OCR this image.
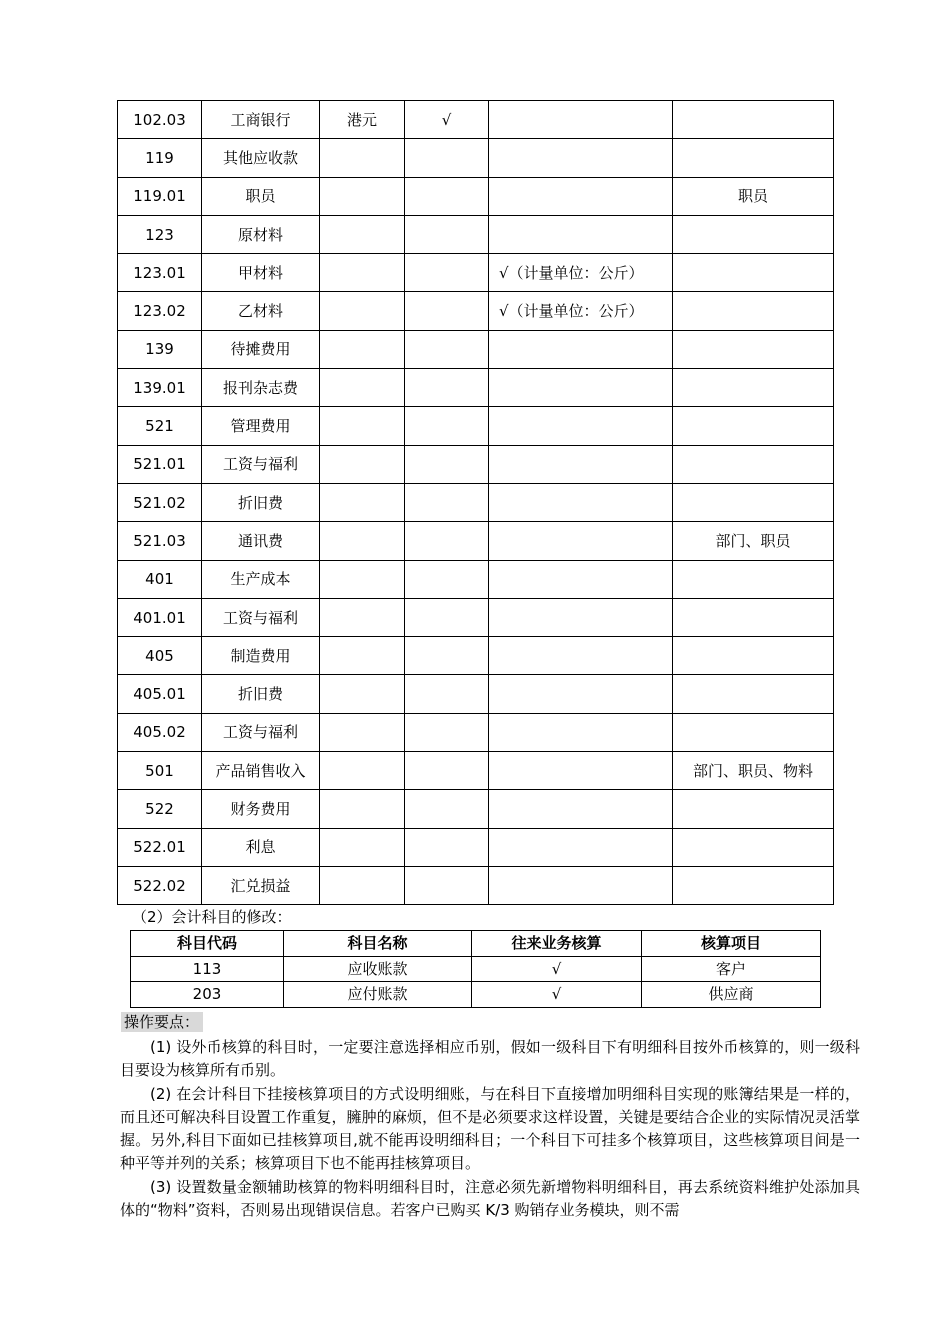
102.03	工商银行	港元	√		
119	其他应收款				
119.01	职员				职员
123	原材料				
123.01	甲材料			√（计量单位：公斤）	
123.02	乙材料			√（计量单位：公斤）	
139	待摊费用				
139.01	报刊杂志费				
521	管理费用				
521.01	工资与福利				
521.02	折旧费				
521.03	通讯费				部门、职员
401	生产成本				
401.01	工资与福利				
405	制造费用				
405.01	折旧费				
405.02	工资与福利				
501	产品销售收入				部门、职员、物料
522	财务费用				
522.01	利息				
522.02	汇兑损益				
（2）会计科目的修改：
科目代码	科目名称	往来业务核算	核算项目
113	应收账款	√	客户
203	应付账款	√	供应商
操作要点：

(1) 设外币核算的科目时，一定要注意选择相应币别，假如一级科目下有明细科目按外币核算的，则一级科目要设为核算所有币别。

(2) 在会计科目下挂接核算项目的方式设明细账，与在科目下直接增加明细科目实现的账簿结果是一样的，而且还可解决科目设置工作重复，臃肿的麻烦，但不是必须要求这样设置，关键是要结合企业的实际情况灵活掌握。另外,科目下面如已挂核算项目,就不能再设明细科目；一个科目下可挂多个核算项目，这些核算项目间是一种平等并列的关系；核算项目下也不能再挂核算项目。

(3) 设置数量金额辅助核算的物料明细科目时，注意必须先新增物料明细科目，再去系统资料维护处添加具体的“物料”资料，否则易出现错误信息。若客户已购买 K/3 购销存业务模块，则不需
